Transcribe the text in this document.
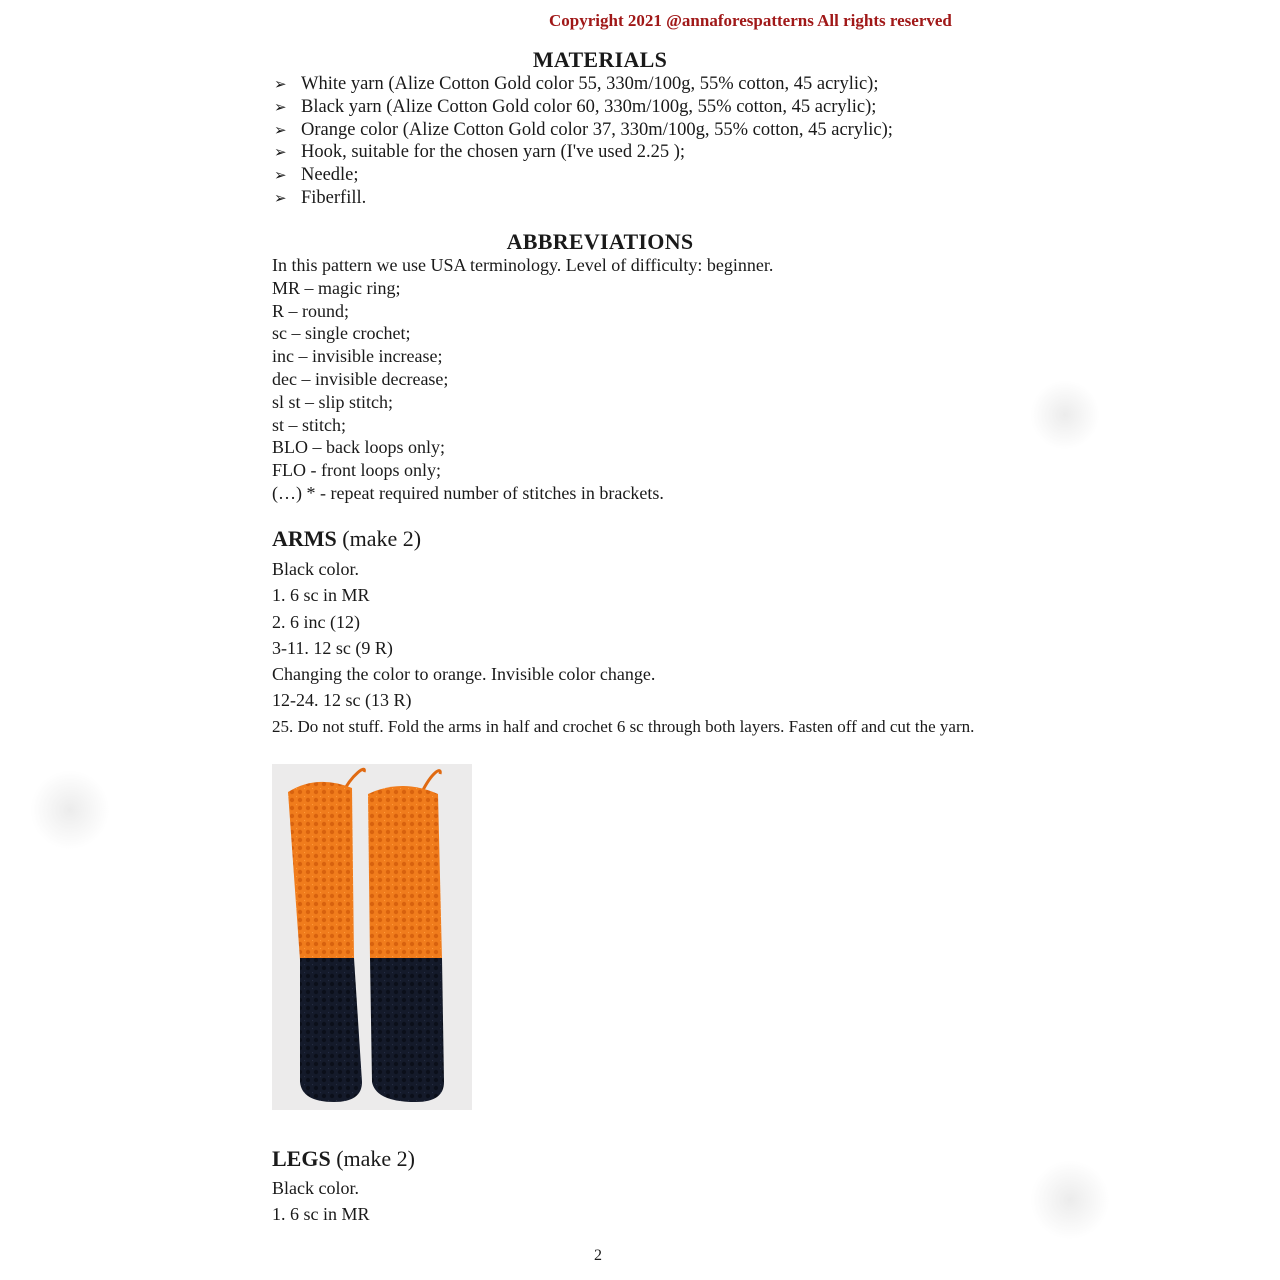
Copyright 2021 @annaforespatterns All rights reserved
MATERIALS
➢ White yarn (Alize Cotton Gold color 55, 330m/100g, 55% cotton, 45 acrylic);
➢ Black yarn (Alize Cotton Gold color 60, 330m/100g, 55% cotton, 45 acrylic);
➢ Orange color (Alize Cotton Gold color 37, 330m/100g, 55% cotton, 45 acrylic);
➢ Hook, suitable for the chosen yarn (I've used 2.25 );
➢ Needle;
➢ Fiberfill.
ABBREVIATIONS
In this pattern we use USA terminology. Level of difficulty: beginner.
MR – magic ring;
R – round;
sc – single crochet;
inc – invisible increase;
dec – invisible decrease;
sl st – slip stitch;
st – stitch;
BLO – back loops only;
FLO - front loops only;
(…) * - repeat required number of stitches in brackets.
ARMS (make 2)
Black color.
1. 6 sc in MR
2. 6 inc (12)
3-11. 12 sc (9 R)
Changing the color to orange. Invisible color change.
12-24. 12 sc (13 R)
25. Do not stuff. Fold the arms in half and crochet 6 sc through both layers. Fasten off and cut the yarn.
LEGS (make 2)
Black color.
1. 6 sc in MR
2
